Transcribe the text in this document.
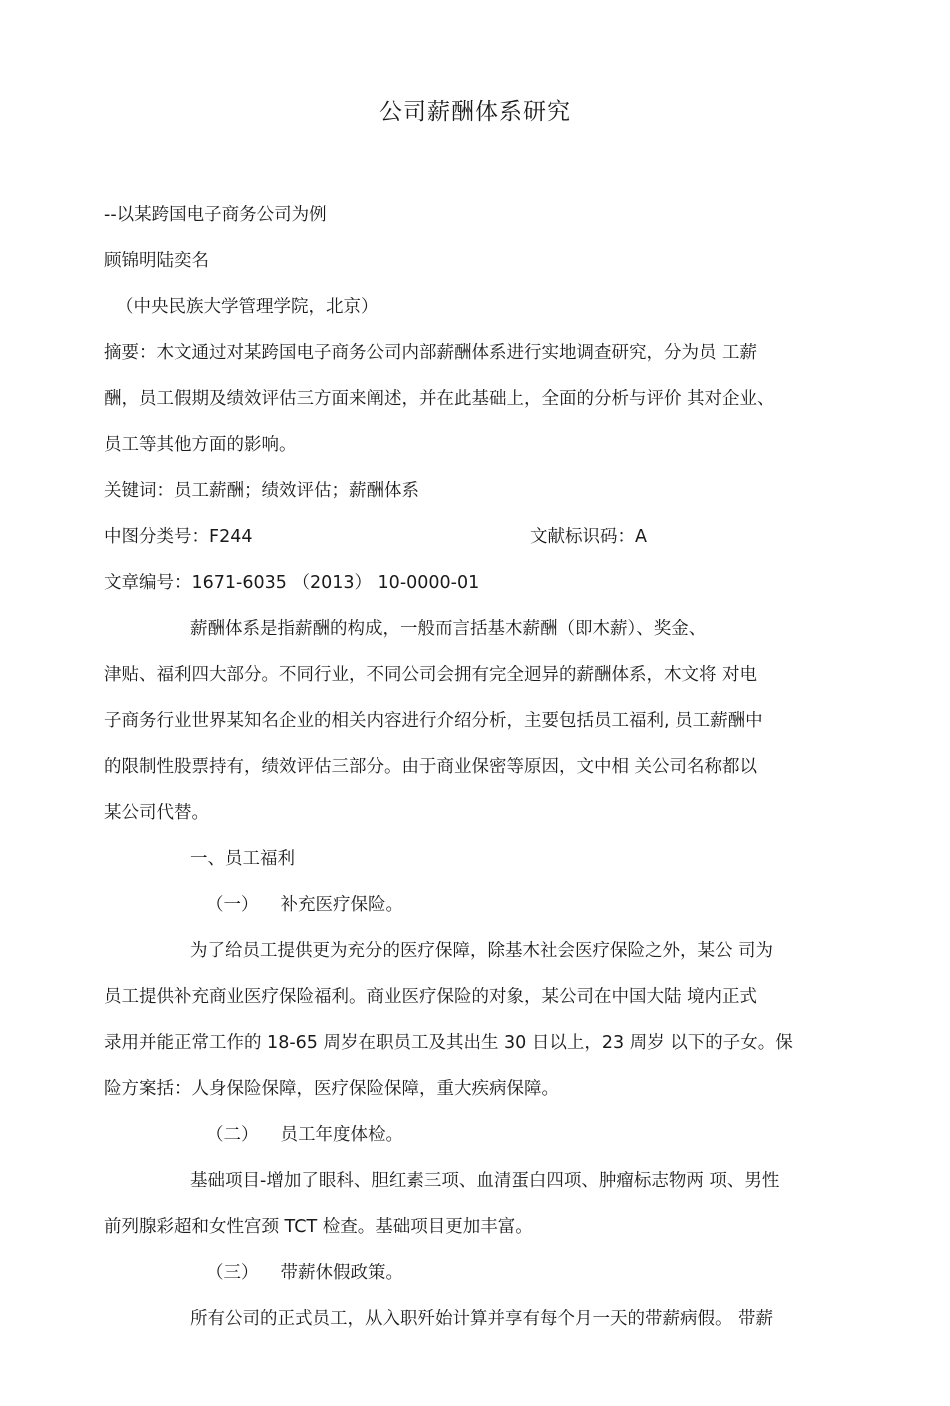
公司薪酬体系研究
--以某跨国电子商务公司为例
顾锦明陆奕名
（中央民族大学管理学院，北京）
摘要：木文通过对某跨国电子商务公司内部薪酬体系进行实地调查研究，分为员 工薪
酬，员工假期及绩效评估三方面来阐述，并在此基础上，全面的分析与评价 其对企业、
员工等其他方面的影响。
关键词：员工薪酬；绩效评估；薪酬体系
中图分类号：F244	文献标识码：A
文章编号：1671-6035 （2013） 10-0000-01
薪酬体系是指薪酬的构成，一般而言括基木薪酬（即木薪）、奖金、
津贴、福利四大部分。不同行业，不同公司会拥有完全迥异的薪酬体系，木文将 对电
子商务行业世界某知名企业的相关内容进行介绍分析，主要包括员工福利, 员工薪酬中
的限制性股票持有，绩效评估三部分。由于商业保密等原因，文中相 关公司名称都以
某公司代替。
一、员工福利
（一） 补充医疗保险。
为了给员工提供更为充分的医疗保障，除基木社会医疗保险之外，某公 司为
员工提供补充商业医疗保险福利。商业医疗保险的对象，某公司在中国大陆 境内正式
录用并能正常工作的 18-65 周岁在职员工及其出生 30 日以上，23 周岁 以下的子女。保
险方案括：人身保险保障，医疗保险保障，重大疾病保障。
（二） 员工年度体检。
基础项目-增加了眼科、胆红素三项、血清蛋白四项、肿瘤标志物两 项、男性
前列腺彩超和女性宫颈 TCT 检查。基础项目更加丰富。
（三） 带薪休假政策。
所有公司的正式员工，从入职歼始计算并享有每个月一天的带薪病假。 带薪
